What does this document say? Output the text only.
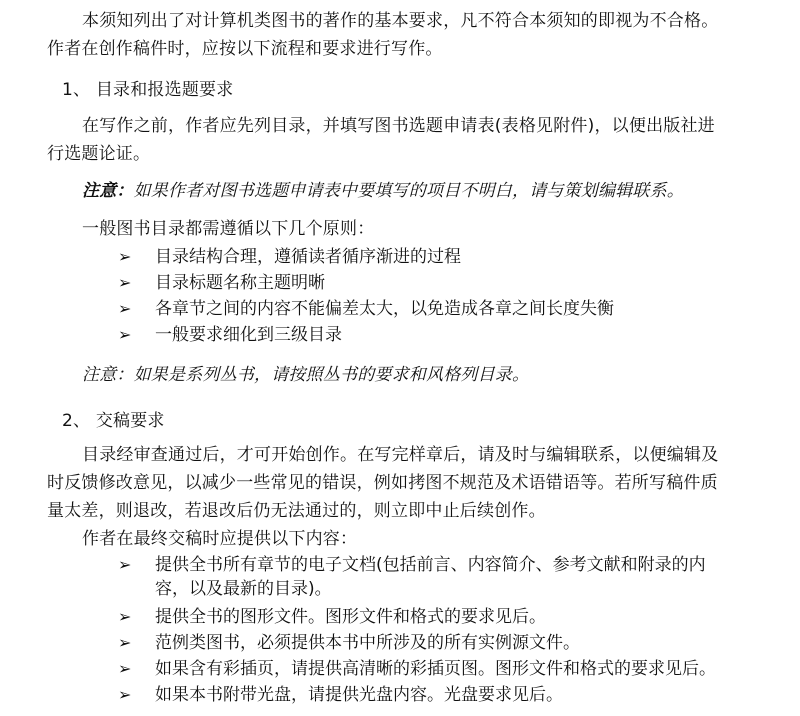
本须知列出了对计算机类图书的著作的基本要求，凡不符合本须知的即视为不合格。
作者在创作稿件时，应按以下流程和要求进行写作。
1、 目录和报选题要求
在写作之前，作者应先列目录，并填写图书选题申请表(表格见附件)，以便出版社进
行选题论证。
注意：如果作者对图书选题申请表中要填写的项目不明白，请与策划编辑联系。
一般图书目录都需遵循以下几个原则：
➢	目录结构合理，遵循读者循序渐进的过程
➢	目录标题名称主题明晰
➢	各章节之间的内容不能偏差太大，以免造成各章之间长度失衡
➢	一般要求细化到三级目录
注意：如果是系列丛书，请按照丛书的要求和风格列目录。
2、 交稿要求
目录经审查通过后，才可开始创作。在写完样章后，请及时与编辑联系，以便编辑及
时反馈修改意见，以减少一些常见的错误，例如拷图不规范及术语错语等。若所写稿件质
量太差，则退改，若退改后仍无法通过的，则立即中止后续创作。
作者在最终交稿时应提供以下内容：
➢	提供全书所有章节的电子文档(包括前言、内容简介、参考文献和附录的内
容，以及最新的目录)。
➢	提供全书的图形文件。图形文件和格式的要求见后。
➢	范例类图书，必须提供本书中所涉及的所有实例源文件。
➢	如果含有彩插页，请提供高清晰的彩插页图。图形文件和格式的要求见后。
➢	如果本书附带光盘，请提供光盘内容。光盘要求见后。
